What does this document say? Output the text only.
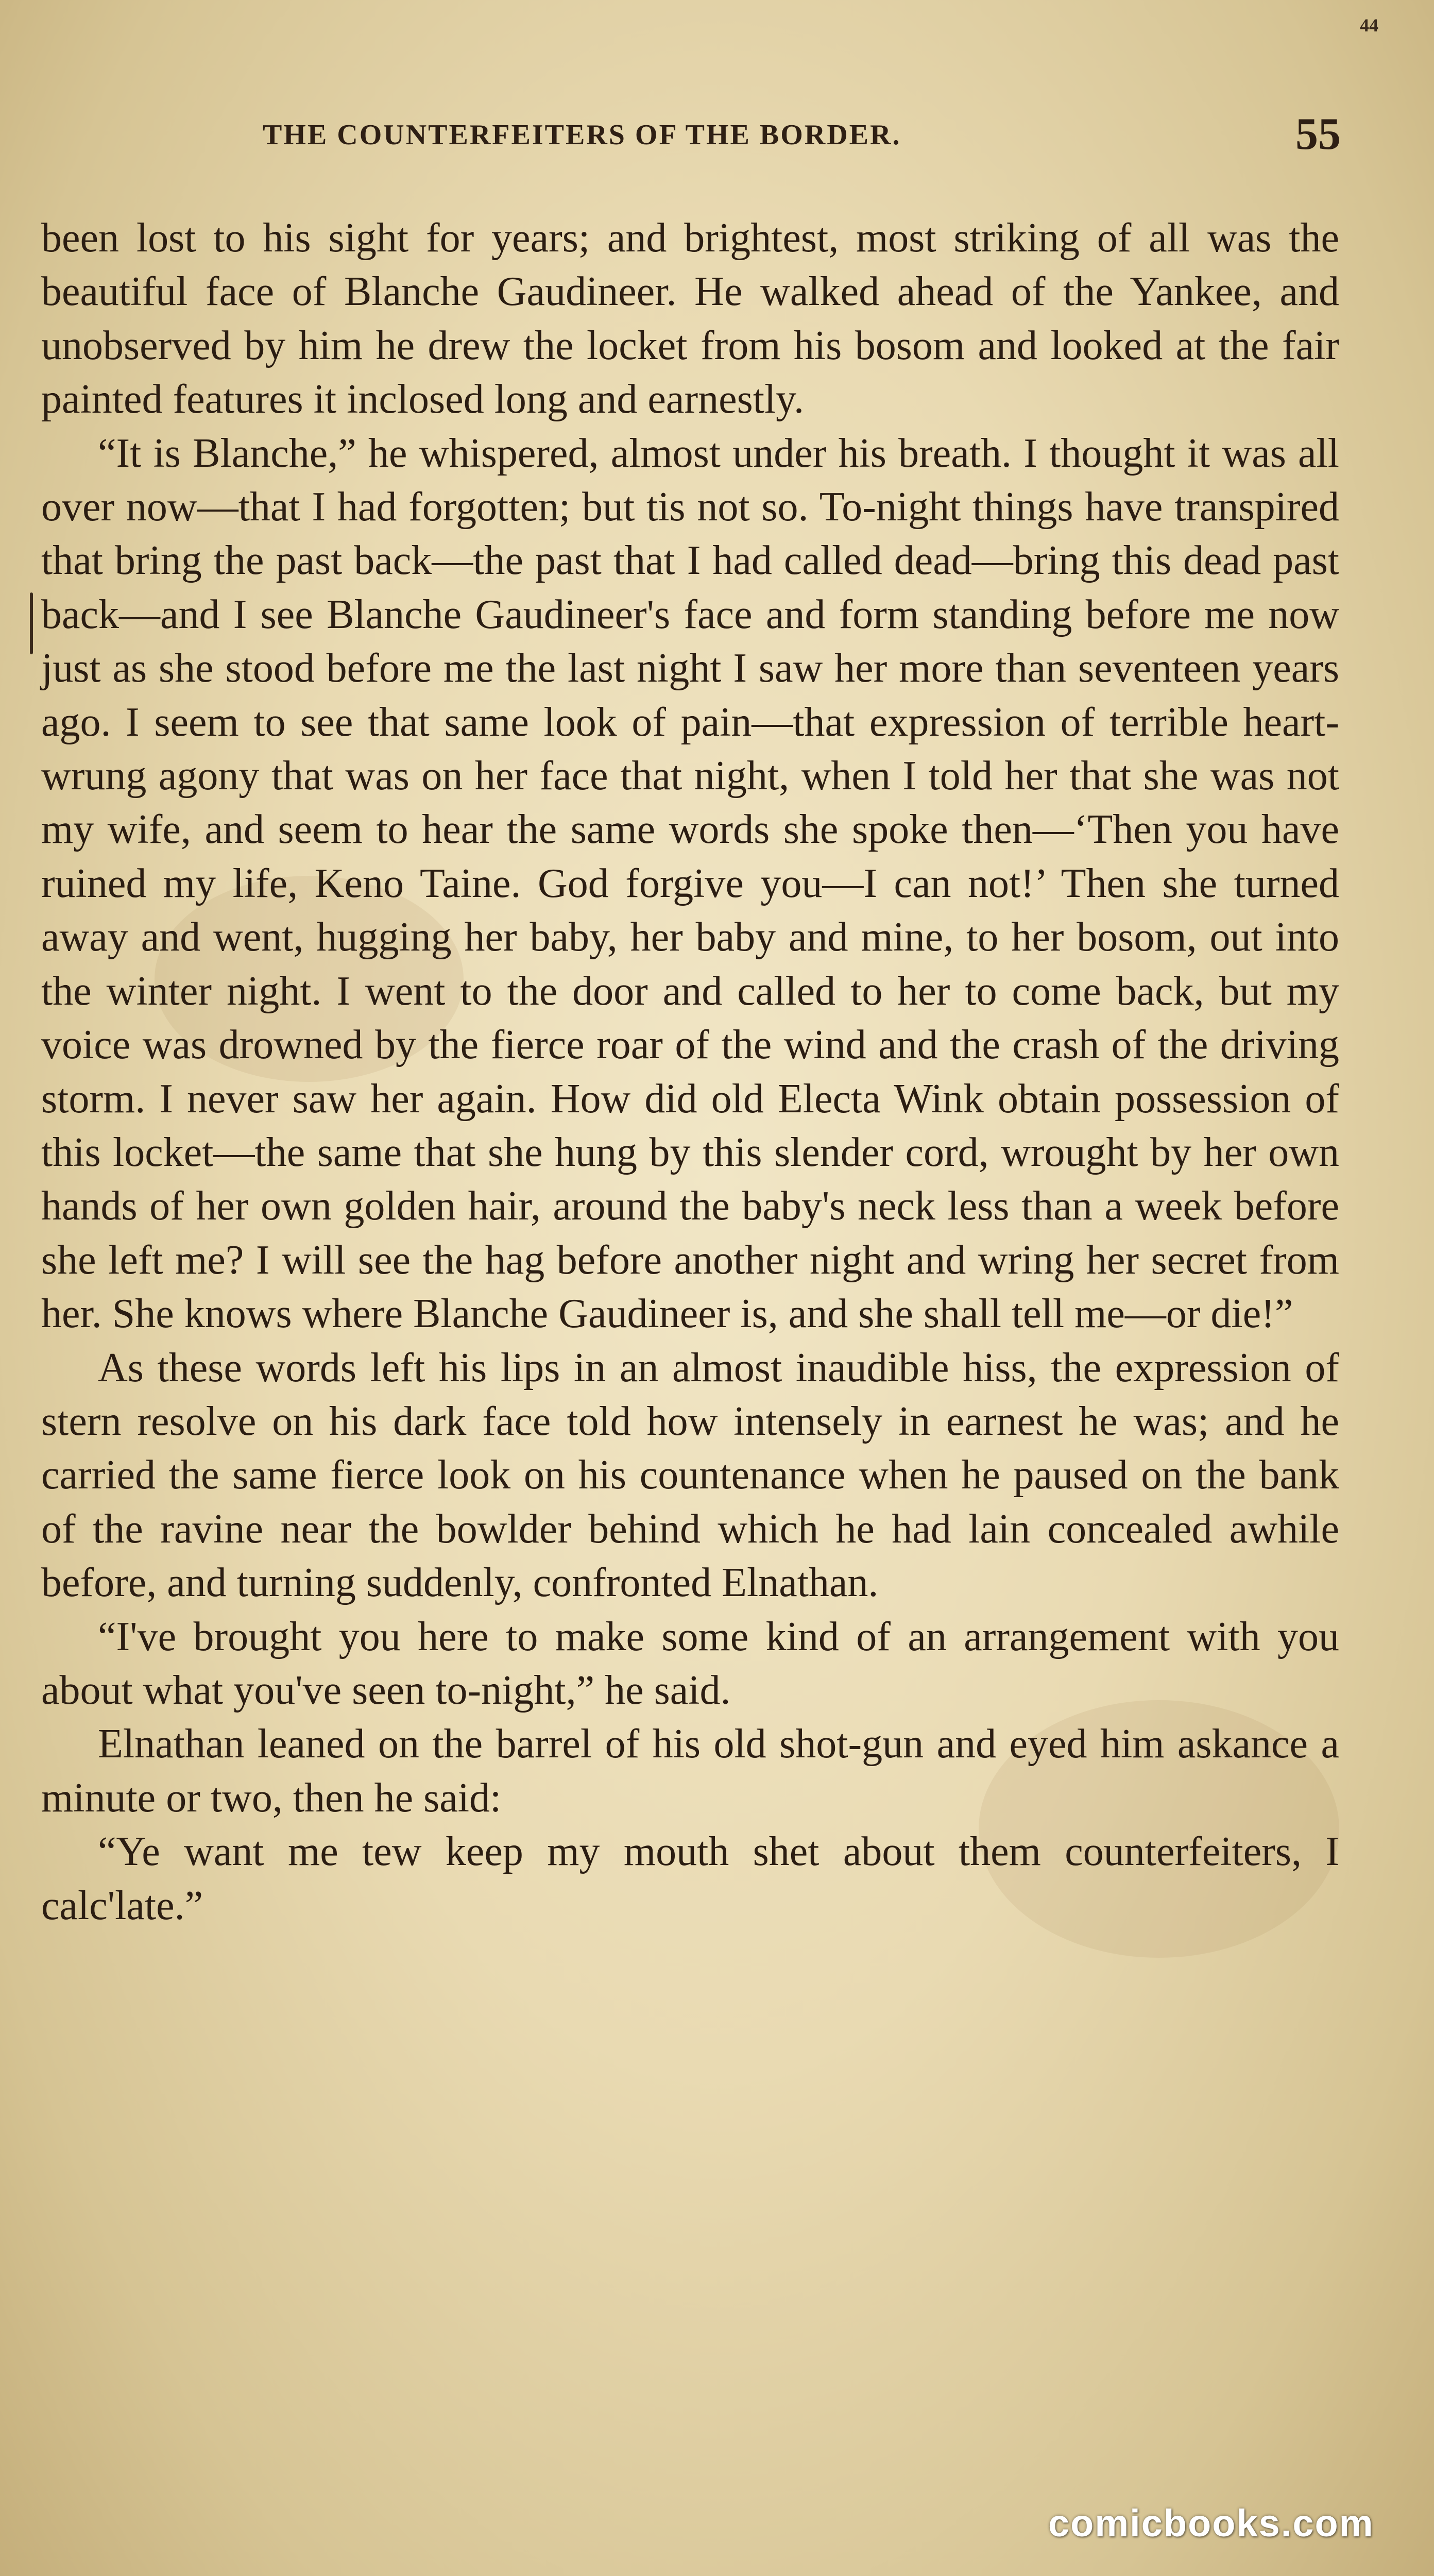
44
THE COUNTERFEITERS OF THE BORDER.	55

been lost to his sight for years; and brightest, most striking of all was the beautiful face of Blanche Gaudineer. He walked ahead of the Yankee, and unobserved by him he drew the locket from his bosom and looked at the fair painted features it inclosed long and earnestly.

“It is Blanche,” he whispered, almost under his breath. I thought it was all over now—that I had forgotten; but tis not so. To-night things have transpired that bring the past back—the past that I had called dead—bring this dead past back—and I see Blanche Gaudineer's face and form standing before me now just as she stood before me the last night I saw her more than seventeen years ago. I seem to see that same look of pain—that expression of terrible heart-wrung agony that was on her face that night, when I told her that she was not my wife, and seem to hear the same words she spoke then—‘Then you have ruined my life, Keno Taine. God forgive you—I can not!’ Then she turned away and went, hugging her baby, her baby and mine, to her bosom, out into the winter night. I went to the door and called to her to come back, but my voice was drowned by the fierce roar of the wind and the crash of the driving storm. I never saw her again. How did old Electa Wink obtain possession of this locket—the same that she hung by this slender cord, wrought by her own hands of her own golden hair, around the baby's neck less than a week before she left me? I will see the hag before another night and wring her secret from her. She knows where Blanche Gaudineer is, and she shall tell me—or die!”

As these words left his lips in an almost inaudible hiss, the expression of stern resolve on his dark face told how intensely in earnest he was; and he carried the same fierce look on his countenance when he paused on the bank of the ravine near the bowlder behind which he had lain concealed awhile before, and turning suddenly, confronted Elnathan.

“I've brought you here to make some kind of an arrangement with you about what you've seen to-night,” he said.

Elnathan leaned on the barrel of his old shot-gun and eyed him askance a minute or two, then he said:

“Ye want me tew keep my mouth shet about them counterfeiters, I calc'late.”

comicbooks.com
